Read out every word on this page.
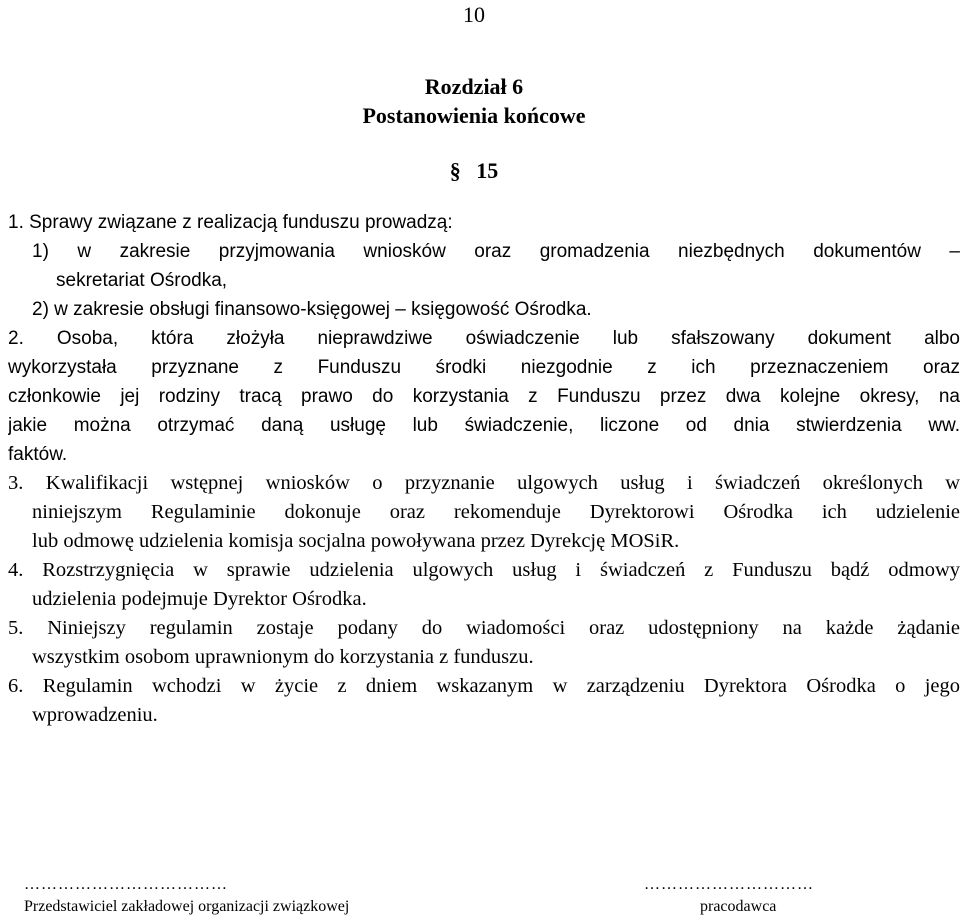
10
Rozdział 6
Postanowienia końcowe
§ 15
1. Sprawy związane z realizacją funduszu prowadzą:
1) w zakresie przyjmowania wniosków oraz gromadzenia niezbędnych dokumentów –
sekretariat Ośrodka,
2) w zakresie obsługi finansowo-księgowej – księgowość Ośrodka.
2. Osoba, która złożyła nieprawdziwe oświadczenie lub sfałszowany dokument albo
wykorzystała przyznane z Funduszu środki niezgodnie z ich przeznaczeniem oraz
członkowie jej rodziny tracą prawo do korzystania z Funduszu przez dwa kolejne okresy, na
jakie można otrzymać daną usługę lub świadczenie, liczone od dnia stwierdzenia ww.
faktów.
3. Kwalifikacji wstępnej wniosków o przyznanie ulgowych usług i świadczeń określonych w
niniejszym Regulaminie dokonuje oraz rekomenduje Dyrektorowi Ośrodka ich udzielenie
lub odmowę udzielenia komisja socjalna powoływana przez Dyrekcję MOSiR.
4. Rozstrzygnięcia w sprawie udzielenia ulgowych usług i świadczeń z Funduszu bądź odmowy
udzielenia podejmuje Dyrektor Ośrodka.
5. Niniejszy regulamin zostaje podany do wiadomości oraz udostępniony na każde żądanie
wszystkim osobom uprawnionym do korzystania z funduszu.
6. Regulamin wchodzi w życie z dniem wskazanym w zarządzeniu Dyrektora Ośrodka o jego
wprowadzeniu.
………………………………
Przedstawiciel zakładowej organizacji związkowej
…………………………
pracodawca
